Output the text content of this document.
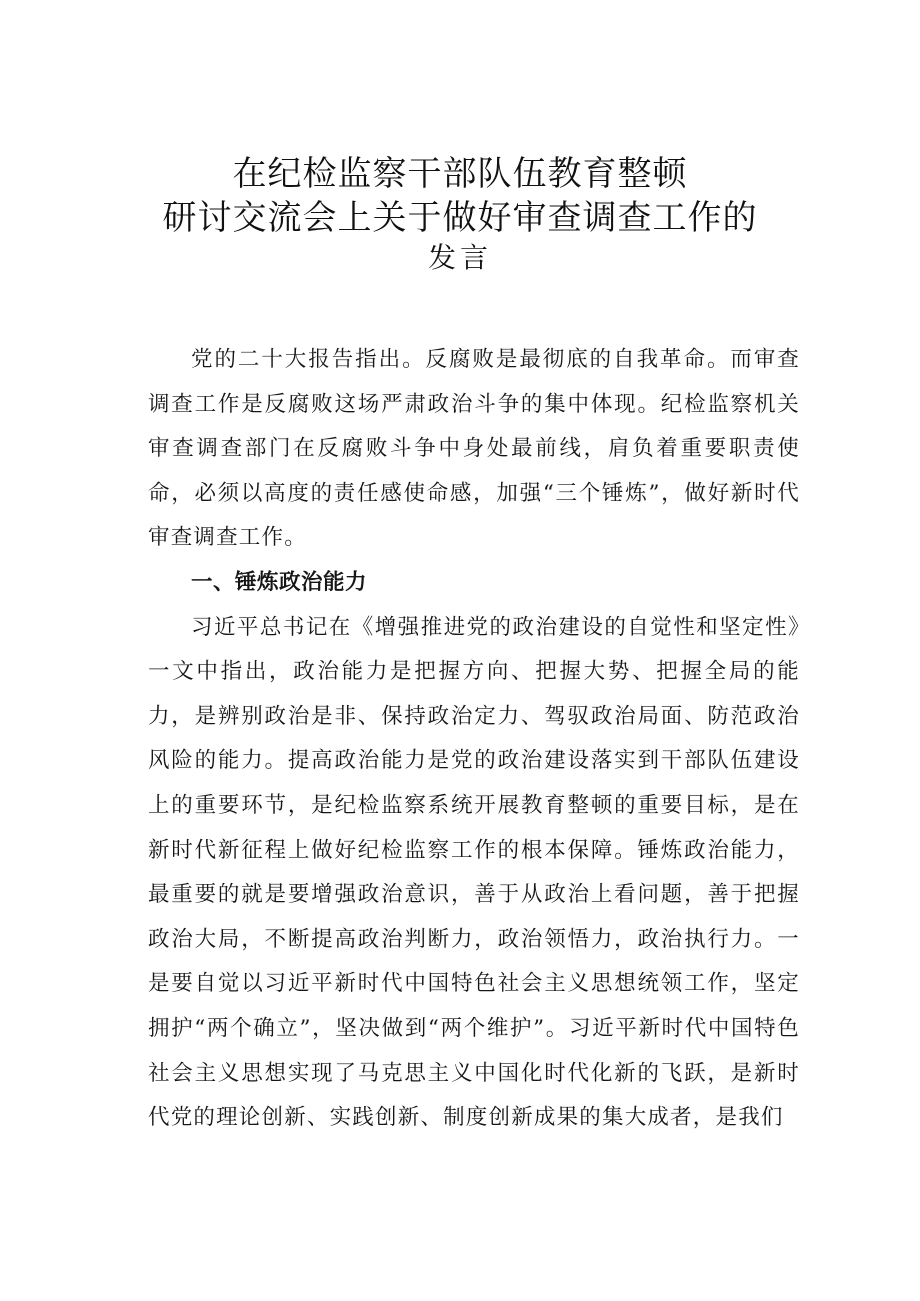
在纪检监察干部队伍教育整顿
研讨交流会上关于做好审查调查工作的
发言

党的二十大报告指出。反腐败是最彻底的自我革命。而审查调查工作是反腐败这场严肃政治斗争的集中体现。纪检监察机关审查调查部门在反腐败斗争中身处最前线，肩负着重要职责使命，必须以高度的责任感使命感，加强“三个锤炼”，做好新时代审查调查工作。

一、锤炼政治能力

习近平总书记在《增强推进党的政治建设的自觉性和坚定性》一文中指出，政治能力是把握方向、把握大势、把握全局的能力，是辨别政治是非、保持政治定力、驾驭政治局面、防范政治风险的能力。提高政治能力是党的政治建设落实到干部队伍建设上的重要环节，是纪检监察系统开展教育整顿的重要目标，是在新时代新征程上做好纪检监察工作的根本保障。锤炼政治能力，最重要的就是要增强政治意识，善于从政治上看问题，善于把握政治大局，不断提高政治判断力，政治领悟力，政治执行力。一是要自觉以习近平新时代中国特色社会主义思想统领工作，坚定拥护“两个确立”，坚决做到“两个维护”。习近平新时代中国特色社会主义思想实现了马克思主义中国化时代化新的飞跃，是新时代党的理论创新、实践创新、制度创新成果的集大成者，是我们
